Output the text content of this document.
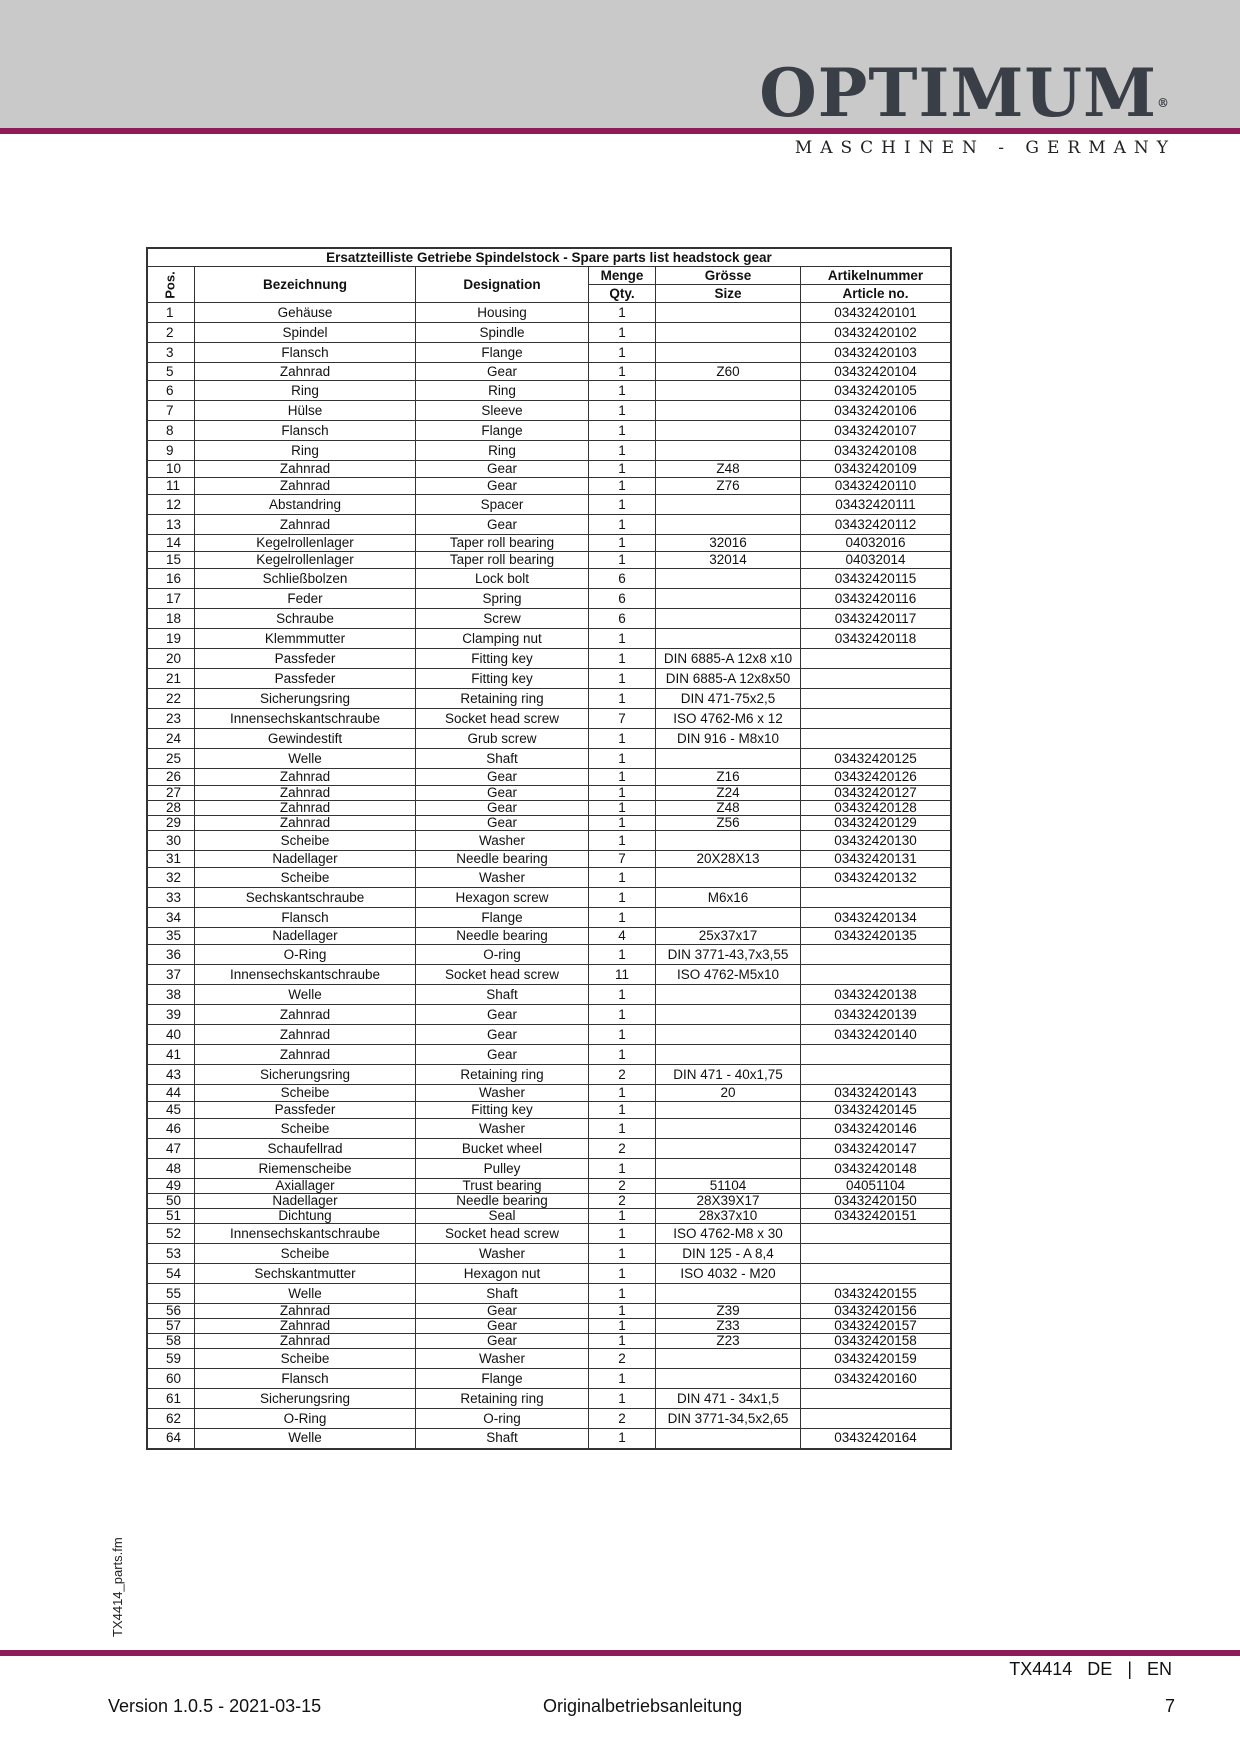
OPTIMUM®
MASCHINEN - GERMANY
Ersatzteilliste Getriebe Spindelstock - Spare parts list headstock gear					
Pos.	Bezeichnung	Designation	Menge	Grösse	Artikelnummer
			Qty.	Size	Article no.
1	Gehäuse	Housing	1		03432420101
2	Spindel	Spindle	1		03432420102
3	Flansch	Flange	1		03432420103
5	Zahnrad	Gear	1	Z60	03432420104
6	Ring	Ring	1		03432420105
7	Hülse	Sleeve	1		03432420106
8	Flansch	Flange	1		03432420107
9	Ring	Ring	1		03432420108
10	Zahnrad	Gear	1	Z48	03432420109
11	Zahnrad	Gear	1	Z76	03432420110
12	Abstandring	Spacer	1		03432420111
13	Zahnrad	Gear	1		03432420112
14	Kegelrollenlager	Taper roll bearing	1	32016	04032016
15	Kegelrollenlager	Taper roll bearing	1	32014	04032014
16	Schließbolzen	Lock bolt	6		03432420115
17	Feder	Spring	6		03432420116
18	Schraube	Screw	6		03432420117
19	Klemmmutter	Clamping nut	1		03432420118
20	Passfeder	Fitting key	1	DIN 6885-A 12x8 x10	
21	Passfeder	Fitting key	1	DIN 6885-A 12x8x50	
22	Sicherungsring	Retaining ring	1	DIN 471-75x2,5	
23	Innensechskantschraube	Socket head screw	7	ISO 4762-M6 x 12	
24	Gewindestift	Grub screw	1	DIN 916 - M8x10	
25	Welle	Shaft	1		03432420125
26	Zahnrad	Gear	1	Z16	03432420126
27	Zahnrad	Gear	1	Z24	03432420127
28	Zahnrad	Gear	1	Z48	03432420128
29	Zahnrad	Gear	1	Z56	03432420129
30	Scheibe	Washer	1		03432420130
31	Nadellager	Needle bearing	7	20X28X13	03432420131
32	Scheibe	Washer	1		03432420132
33	Sechskantschraube	Hexagon screw	1	M6x16	
34	Flansch	Flange	1		03432420134
35	Nadellager	Needle bearing	4	25x37x17	03432420135
36	O-Ring	O-ring	1	DIN 3771-43,7x3,55	
37	Innensechskantschraube	Socket head screw	11	ISO 4762-M5x10	
38	Welle	Shaft	1		03432420138
39	Zahnrad	Gear	1		03432420139
40	Zahnrad	Gear	1		03432420140
41	Zahnrad	Gear	1		
43	Sicherungsring	Retaining ring	2	DIN 471 - 40x1,75	
44	Scheibe	Washer	1	20	03432420143
45	Passfeder	Fitting key	1		03432420145
46	Scheibe	Washer	1		03432420146
47	Schaufellrad	Bucket wheel	2		03432420147
48	Riemenscheibe	Pulley	1		03432420148
49	Axiallager	Trust bearing	2	51104	04051104
50	Nadellager	Needle bearing	2	28X39X17	03432420150
51	Dichtung	Seal	1	28x37x10	03432420151
52	Innensechskantschraube	Socket head screw	1	ISO 4762-M8 x 30	
53	Scheibe	Washer	1	DIN 125 - A 8,4	
54	Sechskantmutter	Hexagon nut	1	ISO 4032 - M20	
55	Welle	Shaft	1		03432420155
56	Zahnrad	Gear	1	Z39	03432420156
57	Zahnrad	Gear	1	Z33	03432420157
58	Zahnrad	Gear	1	Z23	03432420158
59	Scheibe	Washer	2		03432420159
60	Flansch	Flange	1		03432420160
61	Sicherungsring	Retaining ring	1	DIN 471 - 34x1,5	
62	O-Ring	O-ring	2	DIN 3771-34,5x2,65	
64	Welle	Shaft	1		03432420164
TX4414_parts.fm
TX4414 DE | EN
Version 1.0.5 - 2021-03-15	Originalbetriebsanleitung	7
